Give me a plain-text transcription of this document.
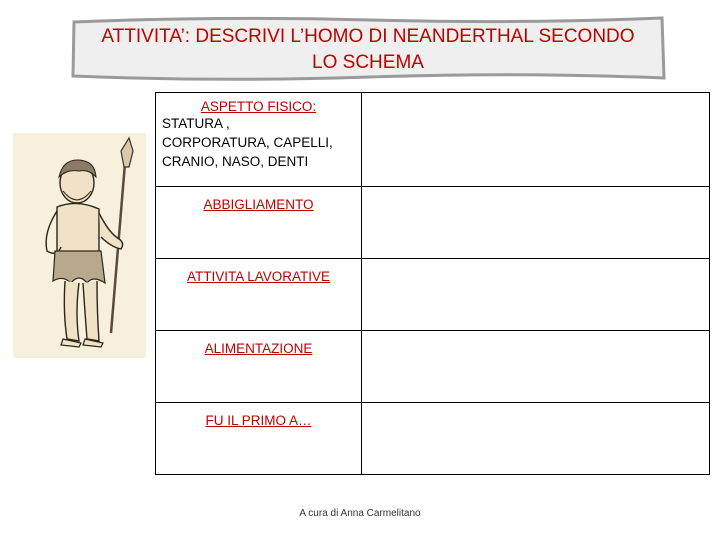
ATTIVITA’: DESCRIVI L’HOMO DI NEANDERTHAL SECONDO
LO SCHEMA
ASPETTO FISICO:
STATURA ,
CORPORATURA, CAPELLI,
CRANIO, NASO, DENTI	

ABBIGLIAMENTO	

ATTIVITA LAVORATIVE	

ALIMENTAZIONE	

FU IL PRIMO A…	

A cura di Anna Carmelitano
